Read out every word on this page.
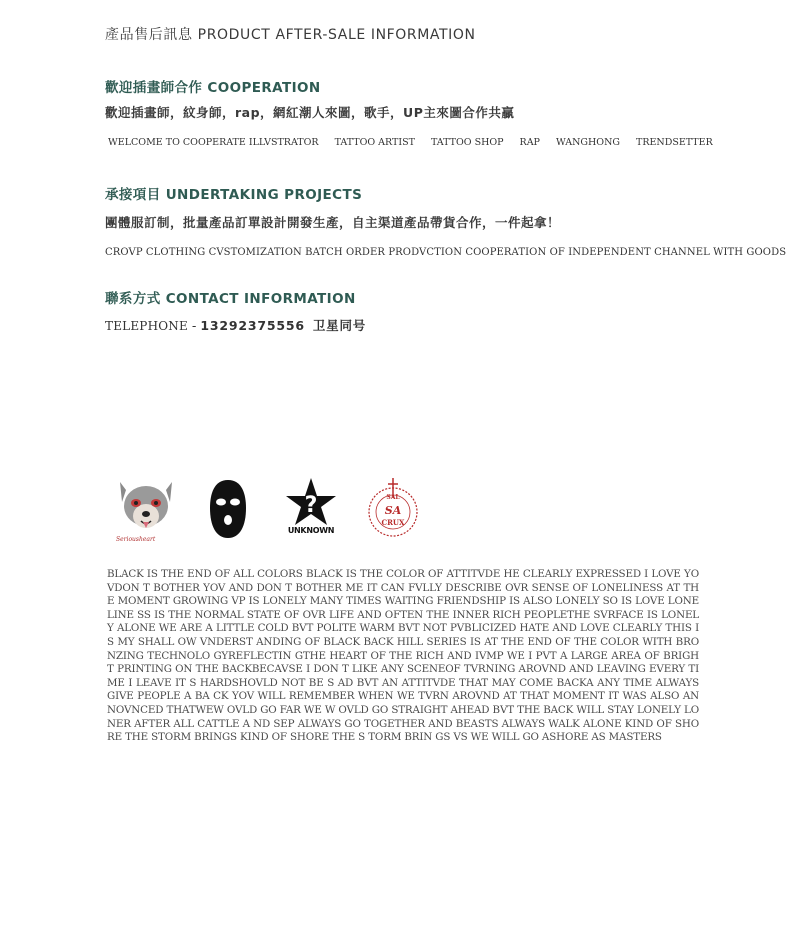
產品售后訊息 PRODUCT AFTER-SALE INFORMATION
歡迎插畫師合作 COOPERATION
歡迎插畫師，紋身師，rap，網紅潮人來圖，歌手，UP主來圖合作共贏
WELCOME TO COOPERATE ILLVSTRATOR TATTOO ARTIST TATTOO SHOP RAP WANGHONG TRENDSETTER
承接項目 UNDERTAKING PROJECTS
團體服訂制，批量產品訂單設計開發生產，自主渠道產品帶貨合作，一件起拿！
CROVP CLOTHING CVSTOMIZATION BATCH ORDER PRODVCTION COOPERATION OF INDEPENDENT CHANNEL WITH GOODS
聯系方式 CONTACT INFORMATION
TELEPHONE - 13292375556 卫星同号
Seriousheart
?
UNKNOWN
SAL
SA
CRUX
BLACK IS THE END OF ALL COLORS BLACK IS THE COLOR OF ATTITVDE HE CLEARLY EXPRESSED I LOVE YOVDON T BOTHER YOV AND DON T BOTHER ME IT CAN FVLLY DESCRIBE OVR SENSE OF LONELINESS AT THE MOMENT GROWING VP IS LONELY MANY TIMES WAITING FRIENDSHIP IS ALSO LONELY SO IS LOVE LONELINE SS IS THE NORMAL STATE OF OVR LIFE AND OFTEN THE INNER RICH PEOPLETHE SVRFACE IS LONELY ALONE WE ARE A LITTLE COLD BVT POLITE WARM BVT NOT PVBLICIZED HATE AND LOVE CLEARLY THIS IS MY SHALL OW VNDERST ANDING OF BLACK BACK HILL SERIES IS AT THE END OF THE COLOR WITH BRONZING TECHNOLO GYREFLECTIN GTHE HEART OF THE RICH AND IVMP WE I PVT A LARGE AREA OF BRIGHT PRINTING ON THE BACKBECAVSE I DON T LIKE ANY SCENEOF TVRNING AROVND AND LEAVING EVERY TIME I LEAVE IT S HARDSHOVLD NOT BE S AD BVT AN ATTITVDE THAT MAY COME BACKA ANY TIME ALWAYS GIVE PEOPLE A BA CK YOV WILL REMEMBER WHEN WE TVRN AROVND AT THAT MOMENT IT WAS ALSO ANNOVNCED THATWEW OVLD GO FAR WE W OVLD GO STRAIGHT AHEAD BVT THE BACK WILL STAY LONELY LONER AFTER ALL CATTLE A ND SEP ALWAYS GO TOGETHER AND BEASTS ALWAYS WALK ALONE KIND OF SHORE THE STORM BRINGS KIND OF SHORE THE S TORM BRIN GS VS WE WILL GO ASHORE AS MASTERS
